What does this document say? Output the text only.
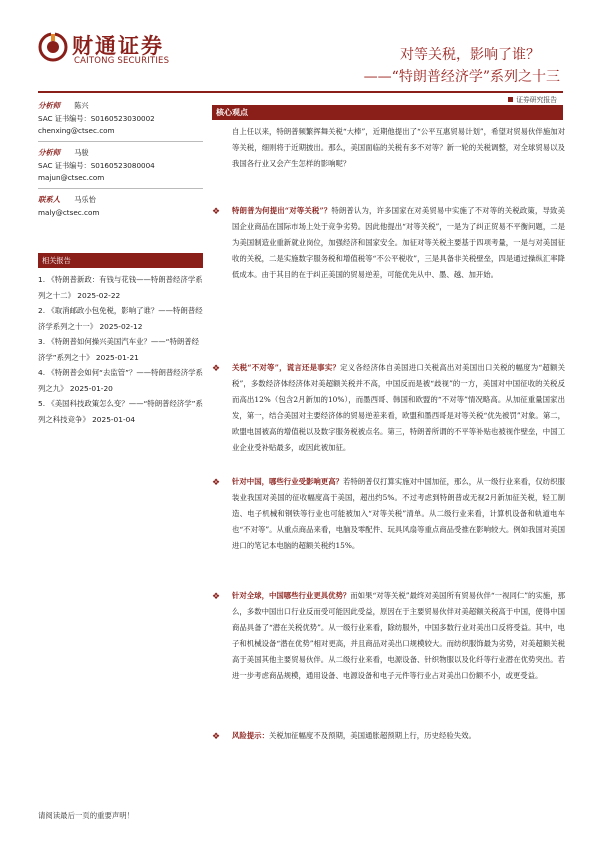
财通证券
CAITONG SECURITIES	对等关税，影响了谁？
——“特朗普经济学”系列之十三
证券研究报告
分析师 陈兴
SAC 证书编号：S0160523030002
chenxing@ctsec.com
分析师 马骏
SAC 证书编号：S0160523080004
majun@ctsec.com
联系人 马乐怡
maly@ctsec.com
相关报告
1. 《特朗普新政：有钱与花钱——特朗普经济学系列之十二》 2025-02-22
2. 《取消邮政小包免税，影响了谁？——特朗普经济学系列之十一》 2025-02-12
3. 《特朗普如何操兴美国汽车业？——“特朗普经济学”系列之十》 2025-01-21
4. 《特朗普会如何“去监管”？——特朗普经济学系列之九》 2025-01-20
5. 《美国科技政策怎么变？——“特朗普经济学”系列之科技竞争》 2025-01-04
核心观点
自上任以来，特朗普频繁挥舞关税“大棒”，近期他提出了“公平互惠贸易计划”，希望对贸易伙伴施加对等关税，细则将于近期披出。那么，美国面临的关税有多不对等？新一轮的关税调整，对全球贸易以及我国各行业又会产生怎样的影响呢？
❖ 特朗普为何提出“对等关税”？特朗普认为，许多国家在对美贸易中实施了不对等的关税政策，导致美国企业商品在国际市场上处于竞争劣势。因此他提出“对等关税”，一是为了纠正贸易不平衡问题，二是为美国制造业重新就业岗位，加强经济和国家安全。加征对等关税主要基于四项考量，一是与对美国征收的关税，二是实施数字服务税和增值税等“不公平税收”，三是具备非关税壁垒，四是通过操纵汇率降低成本。由于其目的在于纠正美国的贸易逆差，可能优先从中、墨、越、加开始。
❖ 关税“不对等”，谎言还是事实？定义各经济体自美国进口关税高出对美国出口关税的幅度为“超额关税”，多数经济体经济体对美超额关税并不高，中国反而是被“歧视”的一方，美国对中国征收的关税反而高出12%（包含2月新加的10%），而墨西哥、韩国和欧盟的“不对等”情况略高。从加征重量国家出发，第一，结合美国对主要经济体的贸易逆差来看，欧盟和墨西哥是对等关税“优先被罚”对象。第二，欧盟电国被高的增值税以及数字服务税被点名。第三，特朗普所谓的不平等补贴也被视作壁垒，中国工业企业受补贴最多，或因此被加征。
❖ 针对中国，哪些行业受影响更高？若特朗普仅打算实施对中国加征，那么，从一级行业来看，仅纺织服装业我国对美国的征收幅度高于美国，超出约5%。不过考虑到特朗普或无视2月新加征关税，轻工制造、电子机械和钢铁等行业也可能被加入“对等关税”清单。从二级行业来看，计算机设备和轨道电车也“不对等”。从重点商品来看，电脑及零配件、玩具风扇等重点商品受推在影响较大。例如我国对美国进口的笔记本电脑的超额关税约15%。
❖ 针对全球，中国哪些行业更具优势？而如果“对等关税”最终对美国所有贸易伙伴“一视同仁”的实施，那么，多数中国出口行业反而受可能因此受益，原因在于主要贸易伙伴对美超额关税高于中国，使得中国商品具备了“潜在关税优势”。从一级行业来看，除纺服外，中国多数行业对美出口反将受益。其中，电子和机械设备“潜在优势”相对更高，并且商品对美出口规模较大。而纺织服饰最为劣势，对美超额关税高于美国其他主要贸易伙伴。从二级行业来看，电源设备、针织物服以及化纤等行业潜在优势突出。若进一步考虑商品规模，通用设备、电源设备和电子元件等行业占对美出口份额不小，或更受益。
❖ 风险提示：关税加征幅度不及预期，美国通胀超预期上行，历史经验失效。
请阅读最后一页的重要声明！
